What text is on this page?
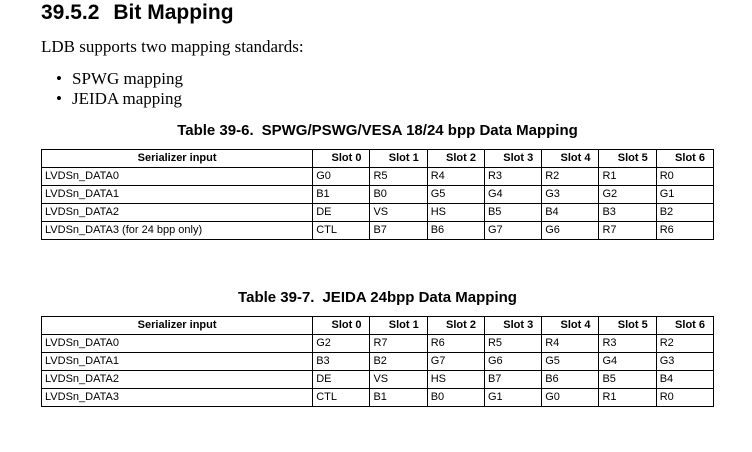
39.5.2 Bit Mapping
LDB supports two mapping standards:
• SPWG mapping
• JEIDA mapping
Table 39-6. SPWG/PSWG/VESA 18/24 bpp Data Mapping
Serializer input	Slot 0	Slot 1	Slot 2	Slot 3	Slot 4	Slot 5	Slot 6
LVDSn_DATA0	G0	R5	R4	R3	R2	R1	R0
LVDSn_DATA1	B1	B0	G5	G4	G3	G2	G1
LVDSn_DATA2	DE	VS	HS	B5	B4	B3	B2
LVDSn_DATA3 (for 24 bpp only)	CTL	B7	B6	G7	G6	R7	R6
Table 39-7. JEIDA 24bpp Data Mapping
Serializer input	Slot 0	Slot 1	Slot 2	Slot 3	Slot 4	Slot 5	Slot 6
LVDSn_DATA0	G2	R7	R6	R5	R4	R3	R2
LVDSn_DATA1	B3	B2	G7	G6	G5	G4	G3
LVDSn_DATA2	DE	VS	HS	B7	B6	B5	B4
LVDSn_DATA3	CTL	B1	B0	G1	G0	R1	R0
